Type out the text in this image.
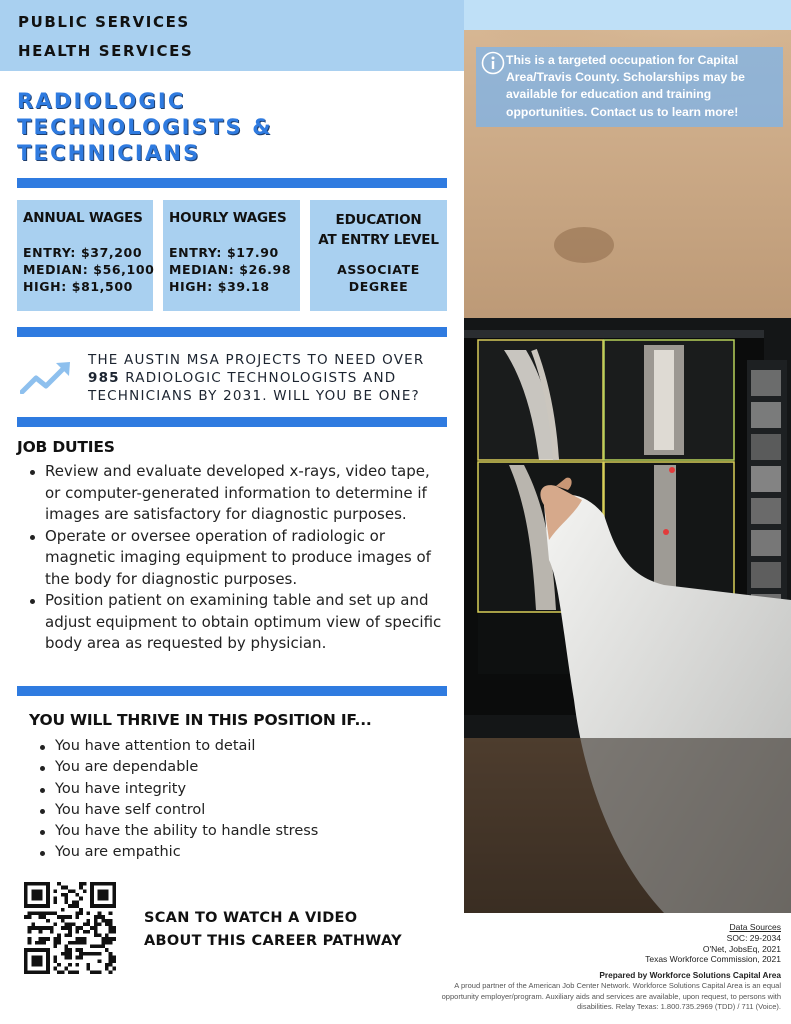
PUBLIC SERVICES
HEALTH SERVICES
RADIOLOGIC
TECHNOLOGISTS &
TECHNICIANS
ANNUAL WAGES
ENTRY: $37,200
MEDIAN: $56,100
HIGH: $81,500
HOURLY WAGES
ENTRY: $17.90
MEDIAN: $26.98
HIGH: $39.18
EDUCATION
AT ENTRY LEVEL
ASSOCIATE
DEGREE
THE AUSTIN MSA PROJECTS TO NEED OVER
985 RADIOLOGIC TECHNOLOGISTS AND
TECHNICIANS BY 2031. WILL YOU BE ONE?
JOB DUTIES
Review and evaluate developed x-rays, video tape, or computer-generated information to determine if images are satisfactory for diagnostic purposes.
Operate or oversee operation of radiologic or magnetic imaging equipment to produce images of the body for diagnostic purposes.
Position patient on examining table and set up and adjust equipment to obtain optimum view of specific body area as requested by physician.
YOU WILL THRIVE IN THIS POSITION IF...
You have attention to detail
You are dependable
You have integrity
You have self control
You have the ability to handle stress
You are empathic
SCAN TO WATCH A VIDEO
ABOUT THIS CAREER PATHWAY
This is a targeted occupation for Capital Area/Travis County. Scholarships may be available for education and training opportunities. Contact us to learn more!
Data Sources
SOC: 29-2034
O'Net, JobsEq, 2021
Texas Workforce Commission, 2021
Prepared by Workforce Solutions Capital Area
A proud partner of the American Job Center Network. Workforce Solutions Capital Area is an equal opportunity employer/program. Auxiliary aids and services are available, upon request, to persons with disabilities. Relay Texas: 1.800.735.2969 (TDD) / 711 (Voice).
